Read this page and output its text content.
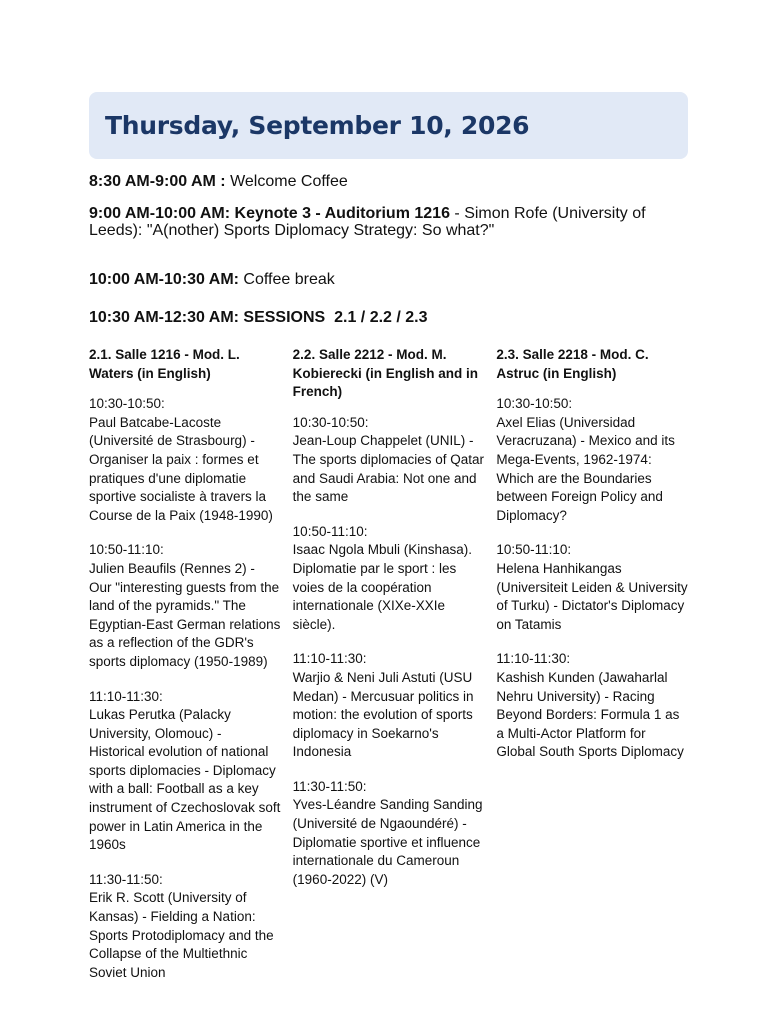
Thursday, September 10, 2026

8:30 AM-9:00 AM : Welcome Coffee

9:00 AM-10:00 AM: Keynote 3 - Auditorium 1216 - Simon Rofe (University of Leeds): "A(nother) Sports Diplomacy Strategy: So what?"

10:00 AM-10:30 AM: Coffee break

10:30 AM-12:30 AM: SESSIONS  2.1 / 2.2 / 2.3

2.1. Salle 1216 - Mod. L. Waters (in English)

10:30-10:50:
Paul Batcabe-Lacoste (Université de Strasbourg) - Organiser la paix : formes et pratiques d'une diplomatie sportive socialiste à travers la Course de la Paix (1948-1990)

10:50-11:10:
Julien Beaufils (Rennes 2) - Our "interesting guests from the land of the pyramids." The Egyptian-East German relations as a reflection of the GDR's sports diplomacy (1950-1989)

11:10-11:30:
Lukas Perutka (Palacky University, Olomouc) - Historical evolution of national sports diplomacies - Diplomacy with a ball: Football as a key instrument of Czechoslovak soft power in Latin America in the 1960s

11:30-11:50:
Erik R. Scott (University of Kansas) - Fielding a Nation: Sports Protodiplomacy and the Collapse of the Multiethnic Soviet Union

2.2. Salle 2212 - Mod. M. Kobierecki (in English and in French)

10:30-10:50:
Jean-Loup Chappelet (UNIL) - The sports diplomacies of Qatar and Saudi Arabia: Not one and the same

10:50-11:10:
Isaac Ngola Mbuli (Kinshasa). Diplomatie par le sport : les voies de la coopération internationale (XIXe-XXIe siècle).

11:10-11:30:
Warjio & Neni Juli Astuti (USU Medan) - Mercusuar politics in motion: the evolution of sports diplomacy in Soekarno's Indonesia

11:30-11:50:
Yves-Léandre Sanding Sanding (Université de Ngaoundéré) - Diplomatie sportive et influence internationale du Cameroun (1960-2022) (V)

2.3. Salle 2218 - Mod. C. Astruc (in English)

10:30-10:50:
Axel Elias (Universidad Veracruzana) - Mexico and its Mega-Events, 1962-1974: Which are the Boundaries between Foreign Policy and Diplomacy?

10:50-11:10:
Helena Hanhikangas (Universiteit Leiden & University of Turku) - Dictator's Diplomacy on Tatamis

11:10-11:30:
Kashish Kunden (Jawaharlal Nehru University) - Racing Beyond Borders: Formula 1 as a Multi-Actor Platform for Global South Sports Diplomacy
